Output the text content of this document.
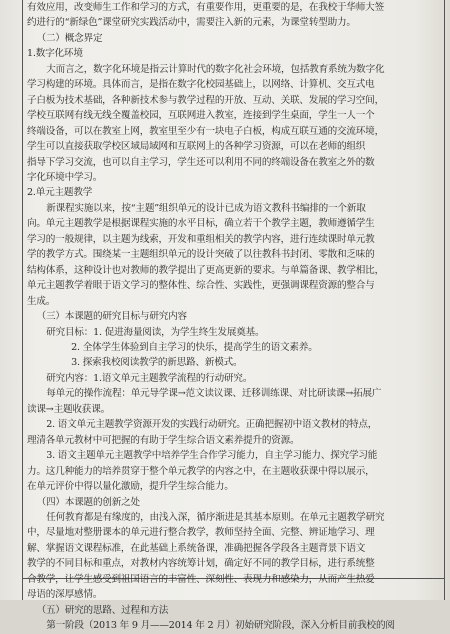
有效应用，改变师生工作和学习的方式，有重要作用，更重要的是，在我校于华师大签
约进行的“新绿色”课堂研究实践活动中，需要注入新的元素，为课堂转型助力。
（二）概念界定
1.数字化环境
大而言之，数字化环境是指云计算时代的数字化社会环境，包括教育系统为数字化
学习构建的环境。具体而言，是指在数字化校园基础上，以网络、计算机、交互式电
子白板为技术基础，各种新技术参与教学过程的开放、互动、关联、发展的学习空间，
学校互联网有线无线全覆盖校园，互联网进入教室，连接到学生桌面，学生一人一个
终端设备，可以在教室上网，教室里至少有一块电子白板，构成互联互通的交流环境，
学生可以直接获取学校区域局域网和互联网上的各种学习资源，可以在老师的组织
指导下学习交流，也可以自主学习，学生还可以利用不同的终端设备在教室之外的数
字化环境中学习。
2.单元主题教学
新课程实施以来，按“主题”组织单元的设计已成为语文教科书编排的一个新取
向。单元主题教学是根据课程实施的水平目标，确立若干个教学主题，教师遵循学生
学习的一般规律，以主题为线索，开发和重组相关的教学内容，进行连续课时单元教
学的教学方式。围绕某一主题组织单元的设计突破了以往教科书封闭、零散和乏味的
结构体系，这种设计也对教师的教学提出了更高更新的要求。与单篇备课、教学相比，
单元主题教学着眼于语文学习的整体性、综合性、实践性，更强调课程资源的整合与
生成。
（三）本课题的研究目标与研究内容
研究目标：1. 促进海量阅读，为学生终生发展奠基。
2. 全体学生体验到自主学习的快乐，提高学生的语文素养。
3. 探索我校阅读教学的新思路、新模式。
研究内容：1.语文单元主题教学流程的行动研究。
每单元的操作流程：单元导学课→范文读议课、迁移训练课、对比研读课→拓展广
读课→主题收获课。
2. 语文单元主题教学资源开发的实践行动研究。正确把握初中语文教材的特点，
理清各单元教材中可把握的有助于学生综合语文素养提升的资源。
3. 语文主题单元主题教学中培养学生合作学习能力，自主学习能力、探究学习能
力。这几种能力的培养贯穿于整个单元教学的内容之中，在主题收获课中得以展示，
在单元评价中得以量化激励，提升学生综合能力。
（四）本课题的创新之处
任何教育都是有缘度的，由浅入深，循序渐进是其基本原则。在单元主题教学研究
中，尽量地对整册课本的单元进行整合教学，教师坚持全面、完整、辨证地学习、理
解、掌握语文课程标准，在此基础上系统备课，准确把握各学段各主题背景下语文
教学的不同目标和重点，对教材内容统筹计划，确定好不同的教学目标，进行系统整
合教学，让学生感受到祖国语言的丰富性、深刻性、表现力和感染力，从而产生热爱
母语的深厚感情。
（五）研究的思路、过程和方法
第一阶段（2013 年 9 月——2014 年 2 月）初始研究阶段，深入分析目前我校的阅
